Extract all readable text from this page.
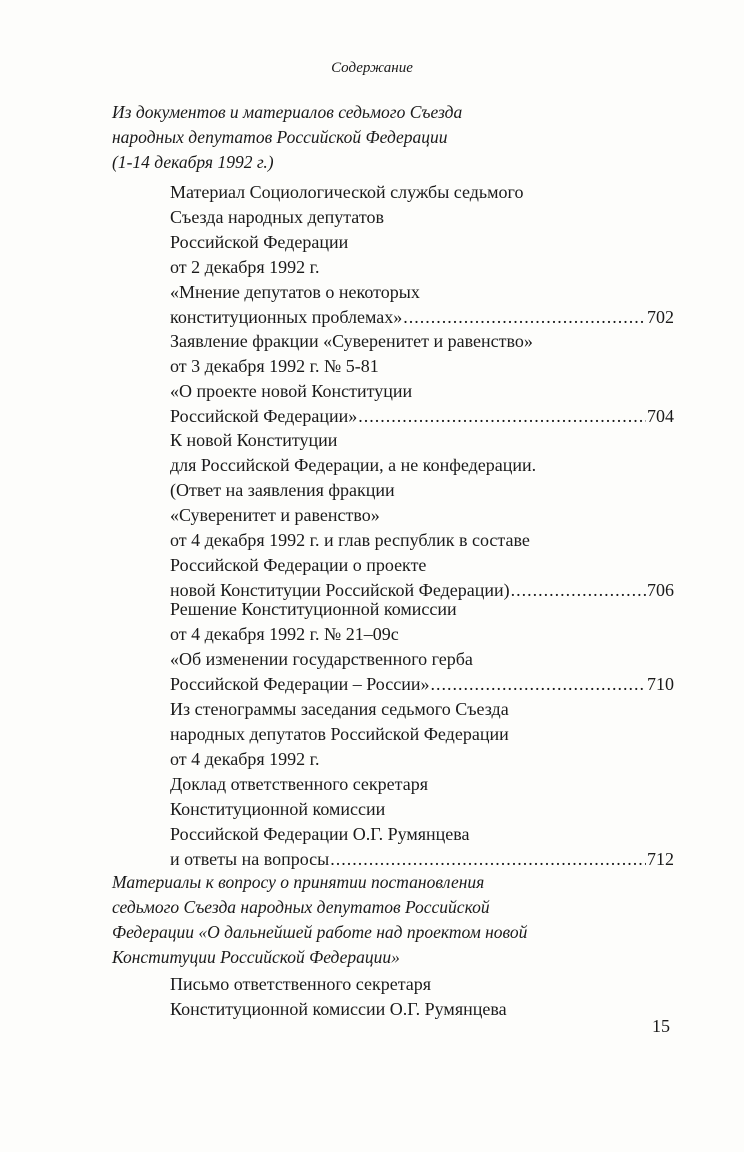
Содержание
Из документов и материалов седьмого Съезда
народных депутатов Российской Федерации
(1-14 декабря 1992 г.)
Материал Социологической службы седьмого
Съезда народных депутатов
Российской Федерации
от 2 декабря 1992 г.
«Мнение депутатов о некоторых
конституционных проблемах» .....	702
Заявление фракции «Суверенитет и равенство»
от 3 декабря 1992 г. № 5-81
«О проекте новой Конституции
Российской Федерации» .....	704
К новой Конституции
для Российской Федерации, а не конфедерации.
(Ответ на заявления фракции
«Суверенитет и равенство»
от 4 декабря 1992 г. и глав республик в составе
Российской Федерации о проекте
новой Конституции Российской Федерации) .....	706
Решение Конституционной комиссии
от 4 декабря 1992 г. № 21–09с
«Об изменении государственного герба
Российской Федерации – России» .....	710
Из стенограммы заседания седьмого Съезда
народных депутатов Российской Федерации
от 4 декабря 1992 г.
Доклад ответственного секретаря
Конституционной комиссии
Российской Федерации О.Г. Румянцева
и ответы на вопросы .....	712
Материалы к вопросу о принятии постановления
седьмого Съезда народных депутатов Российской
Федерации «О дальнейшей работе над проектом новой
Конституции Российской Федерации»
Письмо ответственного секретаря
Конституционной комиссии О.Г. Румянцева
15
